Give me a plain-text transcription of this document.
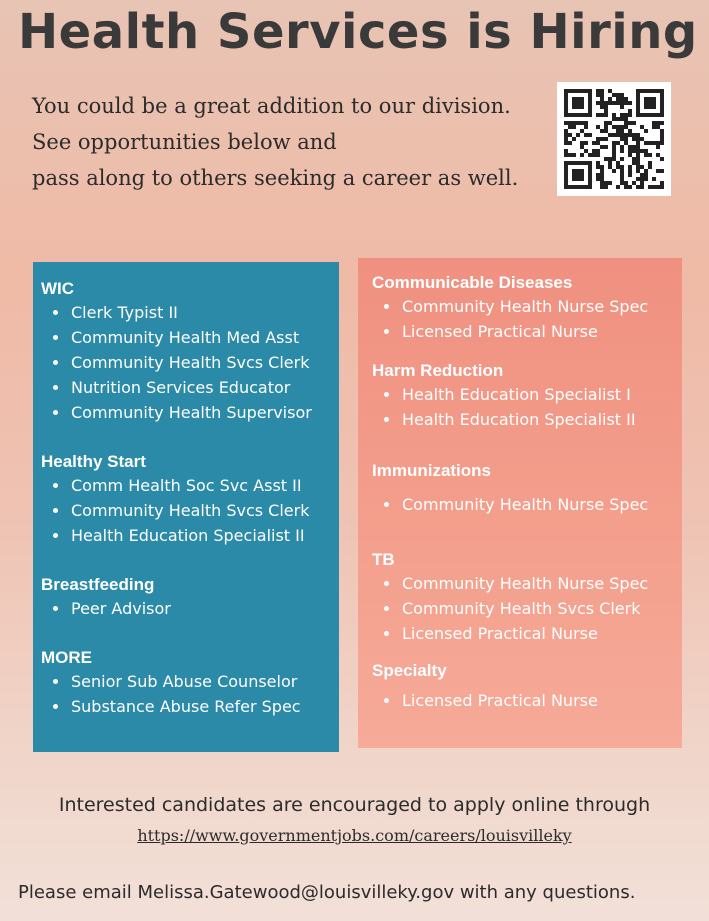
Health Services is Hiring
You could be a great addition to our division.
See opportunities below and
pass along to others seeking a career as well.
WIC
Clerk Typist II
Community Health Med Asst
Community Health Svcs Clerk
Nutrition Services Educator
Community Health Supervisor
Healthy Start
Comm Health Soc Svc Asst II
Community Health Svcs Clerk
Health Education Specialist II
Breastfeeding
Peer Advisor
MORE
Senior Sub Abuse Counselor
Substance Abuse Refer Spec
Communicable Diseases
Community Health Nurse Spec
Licensed Practical Nurse
Harm Reduction
Health Education Specialist I
Health Education Specialist II
Immunizations
Community Health Nurse Spec
TB
Community Health Nurse Spec
Community Health Svcs Clerk
Licensed Practical Nurse
Specialty
Licensed Practical Nurse
Interested candidates are encouraged to apply online through
https://www.governmentjobs.com/careers/louisvilleky
Please email Melissa.Gatewood@louisvilleky.gov with any questions.
